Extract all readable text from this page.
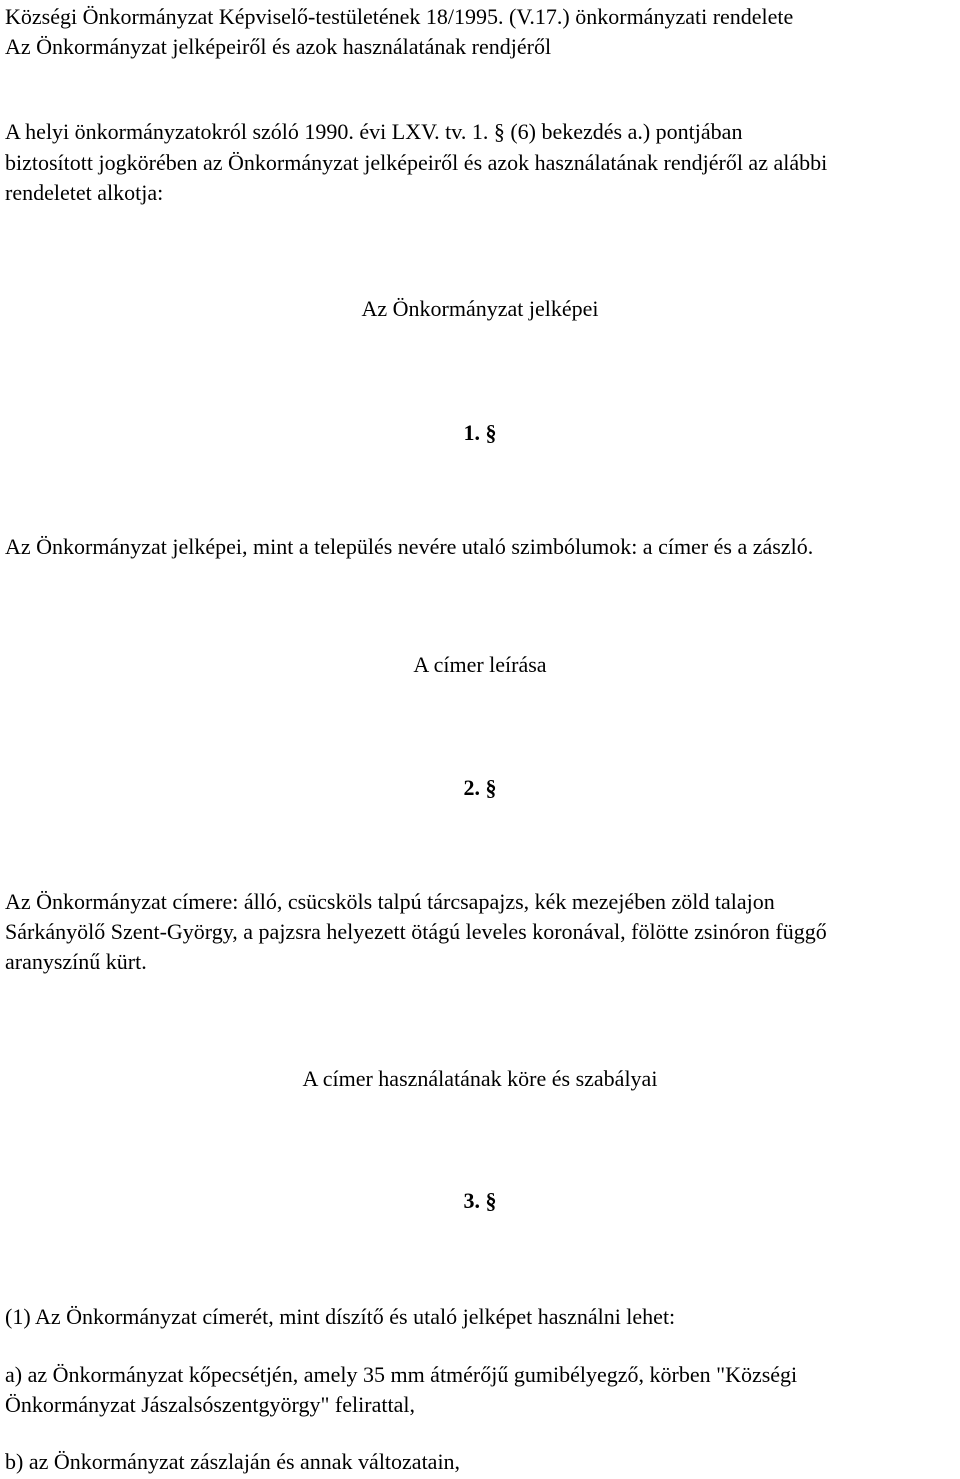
Községi Önkormányzat Képviselő-testületének 18/1995. (V.17.) önkormányzati rendelete
Az Önkormányzat jelképeiről és azok használatának rendjéről
A helyi önkormányzatokról szóló 1990. évi LXV. tv. 1. § (6) bekezdés a.) pontjában
biztosított jogkörében az Önkormányzat jelképeiről és azok használatának rendjéről az alábbi
rendeletet alkotja:
Az Önkormányzat jelképei
1. §
Az Önkormányzat jelképei, mint a település nevére utaló szimbólumok: a címer és a zászló.
A címer leírása
2. §
Az Önkormányzat címere: álló, csücsköls talpú tárcsapajzs, kék mezejében zöld talajon
Sárkányölő Szent-György, a pajzsra helyezett ötágú leveles koronával, fölötte zsinóron függő
aranyszínű kürt.
A címer használatának köre és szabályai
3. §
(1) Az Önkormányzat címerét, mint díszítő és utaló jelképet használni lehet:
a) az Önkormányzat kőpecsétjén, amely 35 mm átmérőjű gumibélyegző, körben "Községi
Önkormányzat Jászalsószentgyörgy" felirattal,
b) az Önkormányzat zászlaján és annak változatain,
